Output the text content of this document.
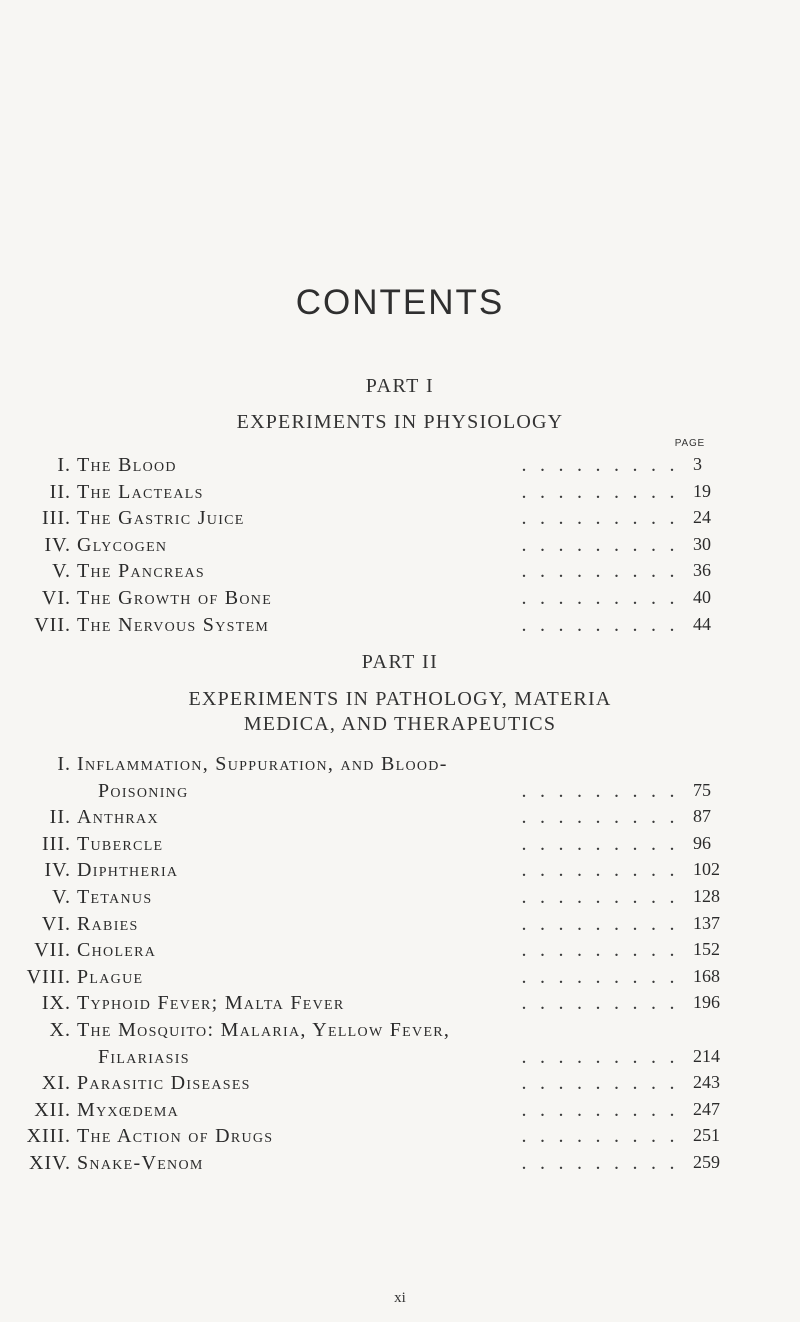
CONTENTS
PART I
EXPERIMENTS IN PHYSIOLOGY
PAGE
I. The Blood	......... 3
II. The Lacteals	......... 19
III. The Gastric Juice	......... 24
IV. Glycogen	......... 30
V. The Pancreas	......... 36
VI. The Growth of Bone	......... 40
VII. The Nervous System	......... 44
PART II
EXPERIMENTS IN PATHOLOGY, MATERIA
MEDICA, AND THERAPEUTICS
I. Inflammation, Suppuration, and Blood-
Poisoning	......... 75
II. Anthrax	......... 87
III. Tubercle	......... 96
IV. Diphtheria	......... 102
V. Tetanus	......... 128
VI. Rabies	......... 137
VII. Cholera	......... 152
VIII. Plague	......... 168
IX. Typhoid Fever; Malta Fever	......... 196
X. The Mosquito: Malaria, Yellow Fever,
Filariasis	......... 214
XI. Parasitic Diseases	......... 243
XII. Myxœdema	......... 247
XIII. The Action of Drugs	......... 251
XIV. Snake-Venom	......... 259
xi
